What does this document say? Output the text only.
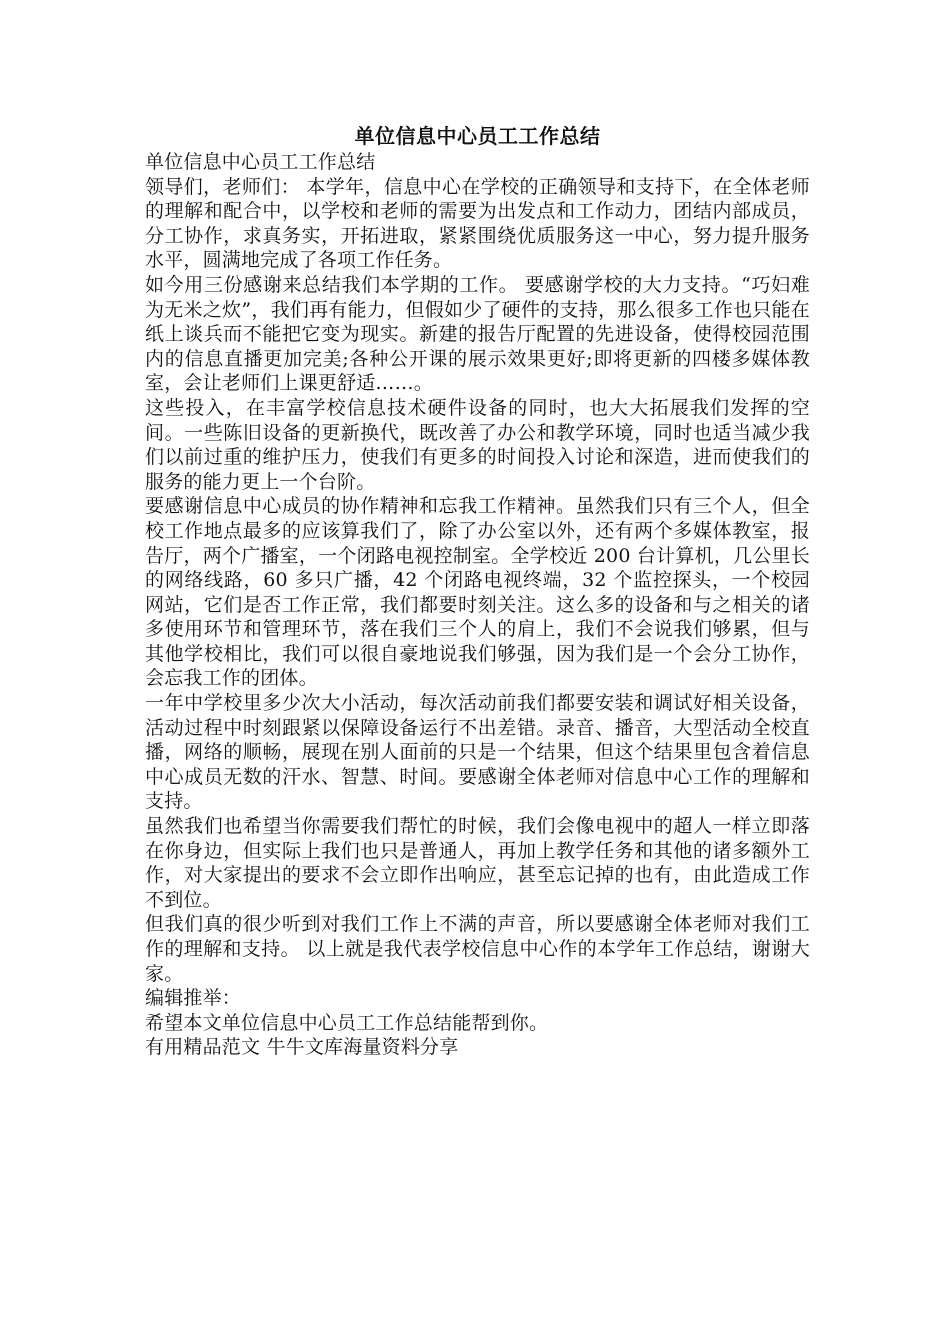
单位信息中心员工工作总结

单位信息中心员工工作总结

领导们，老师们： 本学年，信息中心在学校的正确领导和支持下，在全体老师的理解和配合中，以学校和老师的需要为出发点和工作动力，团结内部成员，分工协作，求真务实，开拓进取，紧紧围绕优质服务这一中心，努力提升服务水平，圆满地完成了各项工作任务。

如今用三份感谢来总结我们本学期的工作。 要感谢学校的大力支持。“巧妇难为无米之炊”，我们再有能力，但假如少了硬件的支持，那么很多工作也只能在纸上谈兵而不能把它变为现实。新建的报告厅配置的先进设备，使得校园范围内的信息直播更加完美;各种公开课的展示效果更好;即将更新的四楼多媒体教室，会让老师们上课更舒适……。

这些投入，在丰富学校信息技术硬件设备的同时，也大大拓展我们发挥的空间。一些陈旧设备的更新换代，既改善了办公和教学环境，同时也适当减少我们以前过重的维护压力，使我们有更多的时间投入讨论和深造，进而使我们的服务的能力更上一个台阶。

要感谢信息中心成员的协作精神和忘我工作精神。虽然我们只有三个人，但全校工作地点最多的应该算我们了，除了办公室以外，还有两个多媒体教室，报告厅，两个广播室，一个闭路电视控制室。全学校近 200 台计算机，几公里长的网络线路，60 多只广播，42 个闭路电视终端，32 个监控探头，一个校园网站，它们是否工作正常，我们都要时刻关注。这么多的设备和与之相关的诸多使用环节和管理环节，落在我们三个人的肩上，我们不会说我们够累，但与其他学校相比，我们可以很自豪地说我们够强，因为我们是一个会分工协作，会忘我工作的团体。

一年中学校里多少次大小活动，每次活动前我们都要安装和调试好相关设备，活动过程中时刻跟紧以保障设备运行不出差错。录音、播音，大型活动全校直播，网络的顺畅，展现在别人面前的只是一个结果，但这个结果里包含着信息中心成员无数的汗水、智慧、时间。要感谢全体老师对信息中心工作的理解和支持。

虽然我们也希望当你需要我们帮忙的时候，我们会像电视中的超人一样立即落在你身边，但实际上我们也只是普通人，再加上教学任务和其他的诸多额外工作，对大家提出的要求不会立即作出响应，甚至忘记掉的也有，由此造成工作不到位。

但我们真的很少听到对我们工作上不满的声音，所以要感谢全体老师对我们工作的理解和支持。 以上就是我代表学校信息中心作的本学年工作总结，谢谢大家。

编辑推举：

希望本文单位信息中心员工工作总结能帮到你。

有用精品范文 牛牛文库海量资料分享
